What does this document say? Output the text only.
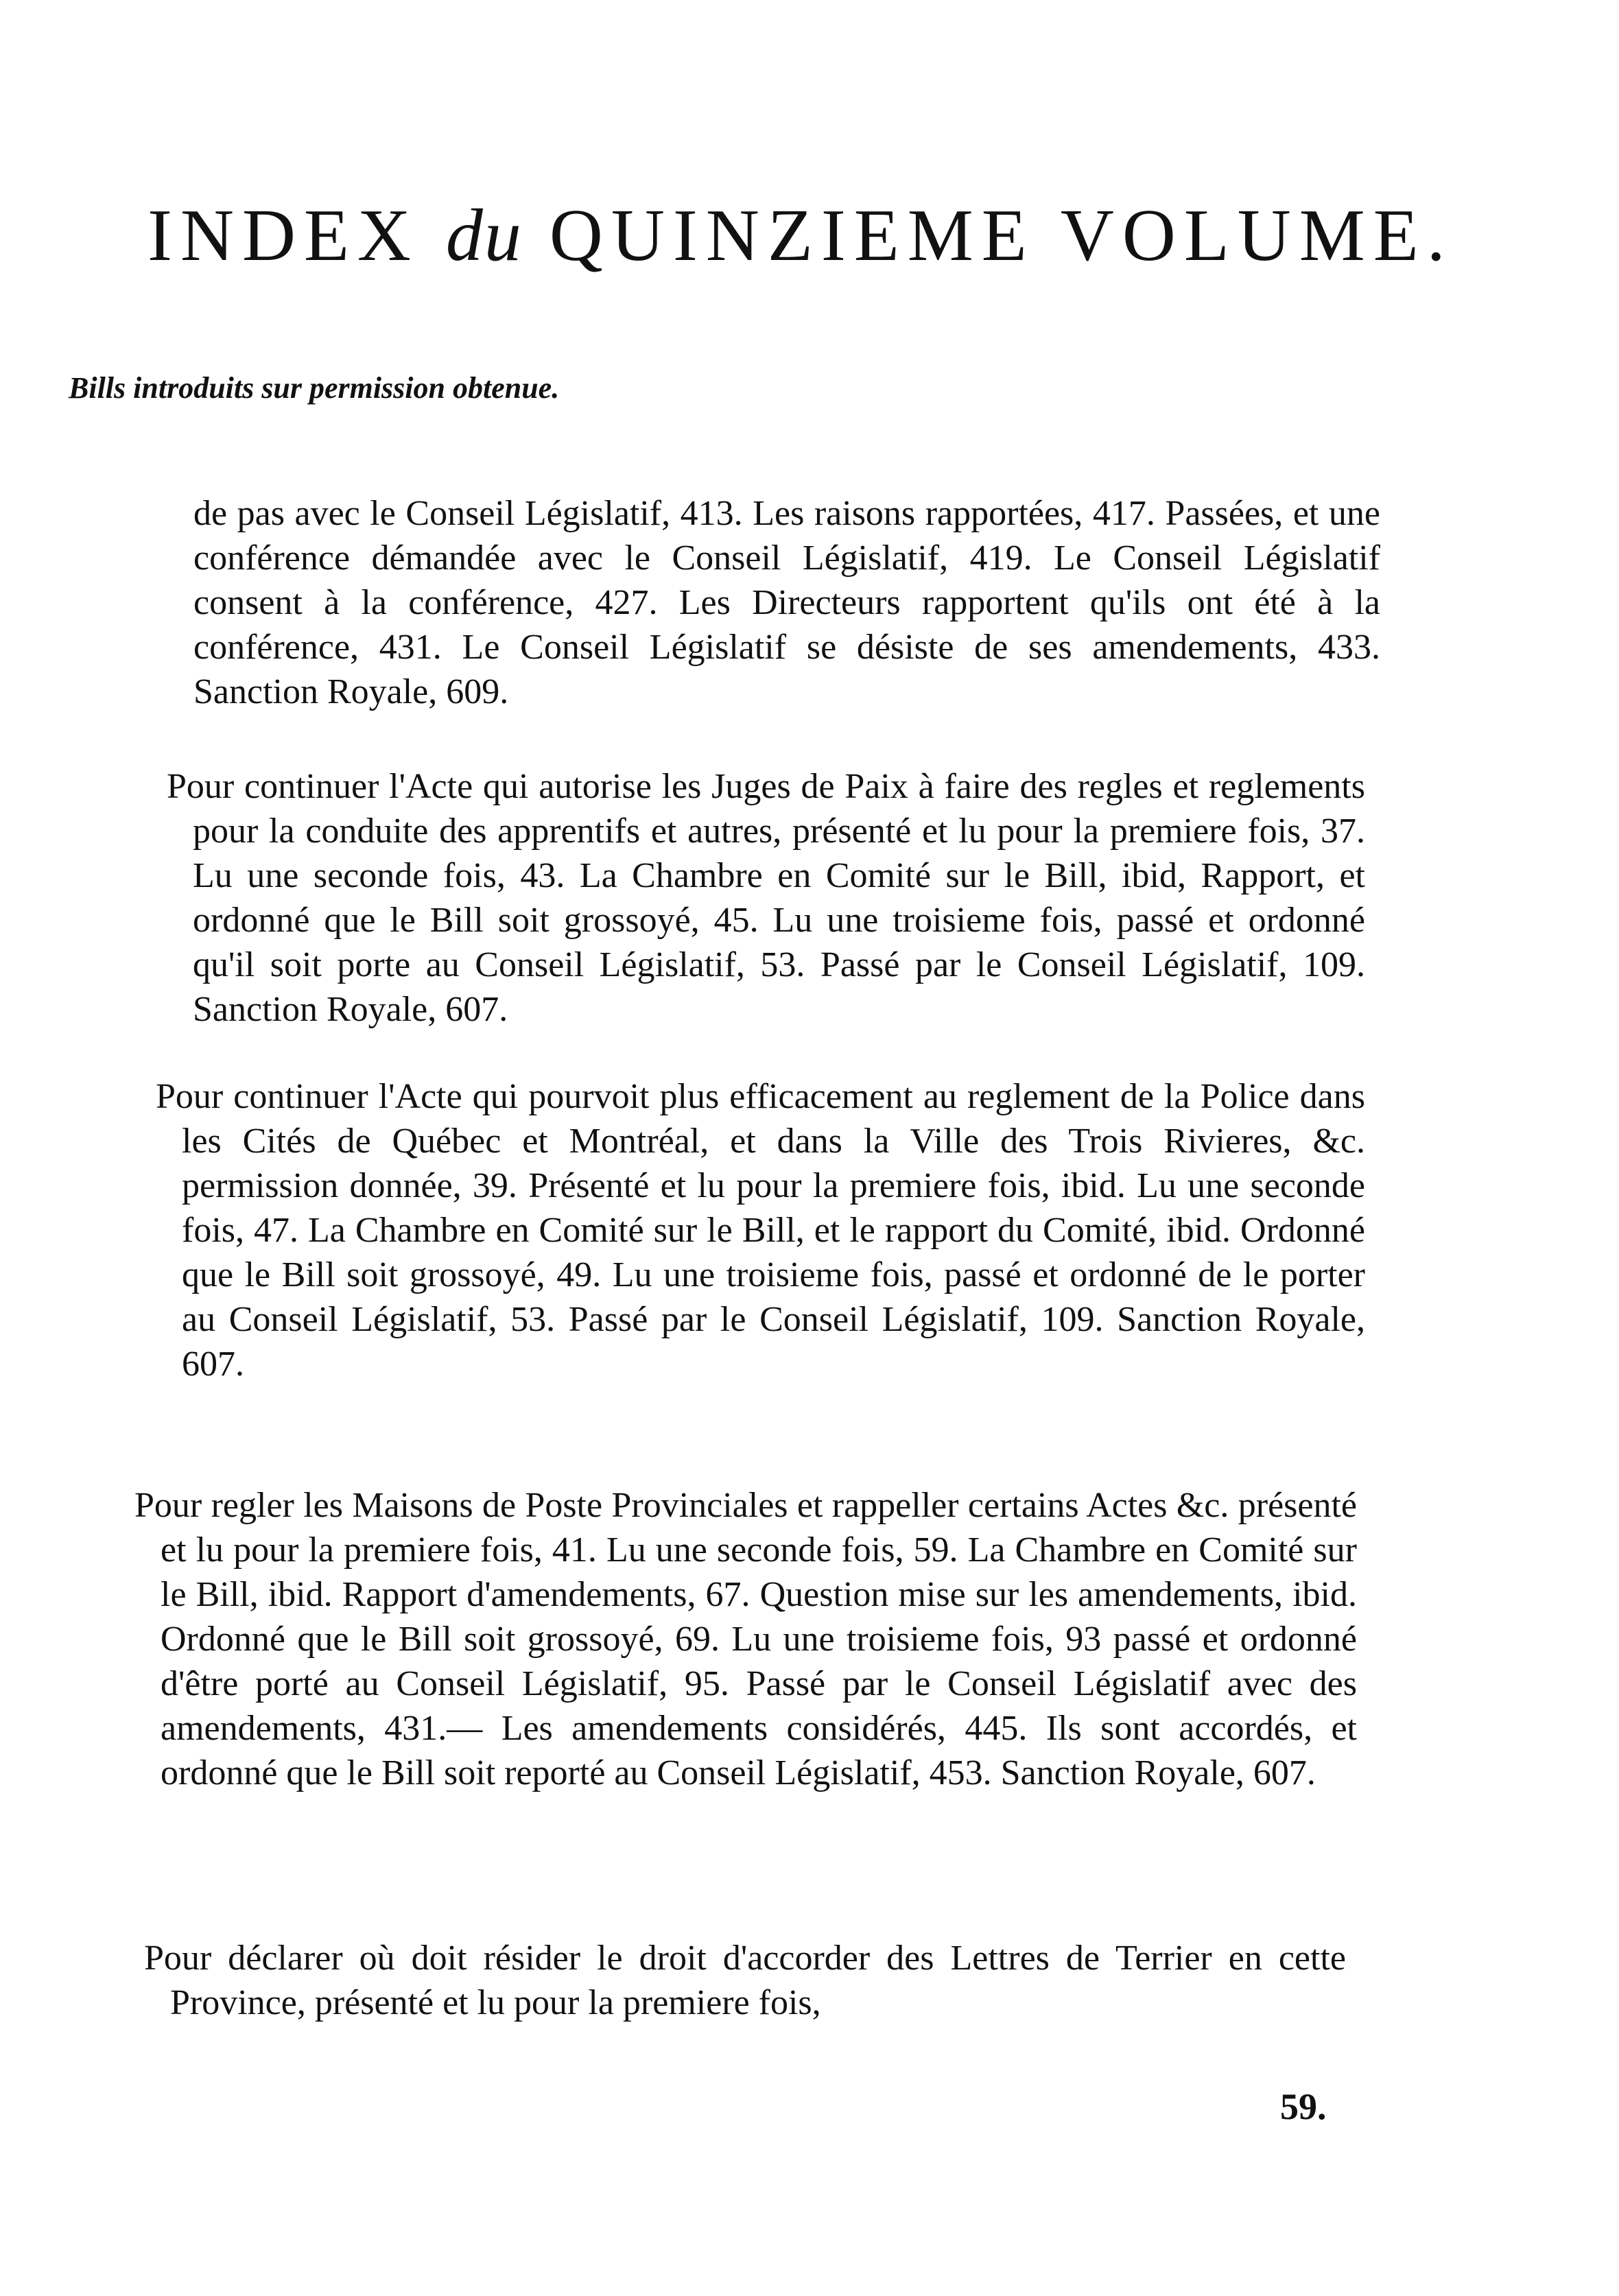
INDEX du QUINZIEME VOLUME.
Bills introduits sur permission obtenue.

de pas avec le Conseil Législatif, 413. Les raisons rapportées, 417. Passées, et une conférence démandée avec le Conseil Législatif, 419. Le Conseil Législatif consent à la conférence, 427. Les Directeurs rapportent qu'ils ont été à la conférence, 431. Le Conseil Législatif se désiste de ses amendements, 433. Sanction Royale, 609.

Pour continuer l'Acte qui autorise les Juges de Paix à faire des regles et reglements pour la conduite des apprentifs et autres, présenté et lu pour la premiere fois, 37. Lu une seconde fois, 43. La Chambre en Comité sur le Bill, ibid, Rapport, et ordonné que le Bill soit grossoyé, 45. Lu une troisieme fois, passé et ordonné qu'il soit porte au Conseil Législatif, 53. Passé par le Conseil Législatif, 109. Sanction Royale, 607.

Pour continuer l'Acte qui pourvoit plus efficacement au reglement de la Police dans les Cités de Québec et Montréal, et dans la Ville des Trois Rivieres, &c. permission donnée, 39. Présenté et lu pour la premiere fois, ibid. Lu une seconde fois, 47. La Chambre en Comité sur le Bill, et le rapport du Comité, ibid. Ordonné que le Bill soit grossoyé, 49. Lu une troisieme fois, passé et ordonné de le porter au Conseil Législatif, 53. Passé par le Conseil Législatif, 109. Sanction Royale, 607.

Pour regler les Maisons de Poste Provinciales et rappeller certains Actes &c. présenté et lu pour la premiere fois, 41. Lu une seconde fois, 59. La Chambre en Comité sur le Bill, ibid. Rapport d'amendements, 67. Question mise sur les amendements, ibid. Ordonné que le Bill soit grossoyé, 69. Lu une troisieme fois, 93 passé et ordonné d'être porté au Conseil Législatif, 95. Passé par le Conseil Législatif avec des amendements, 431.— Les amendements considérés, 445. Ils sont accordés, et ordonné que le Bill soit reporté au Conseil Législatif, 453. Sanction Royale, 607.

Pour déclarer où doit résider le droit d'accorder des Lettres de Terrier en cette Province, présenté et lu pour la premiere fois,

59.
